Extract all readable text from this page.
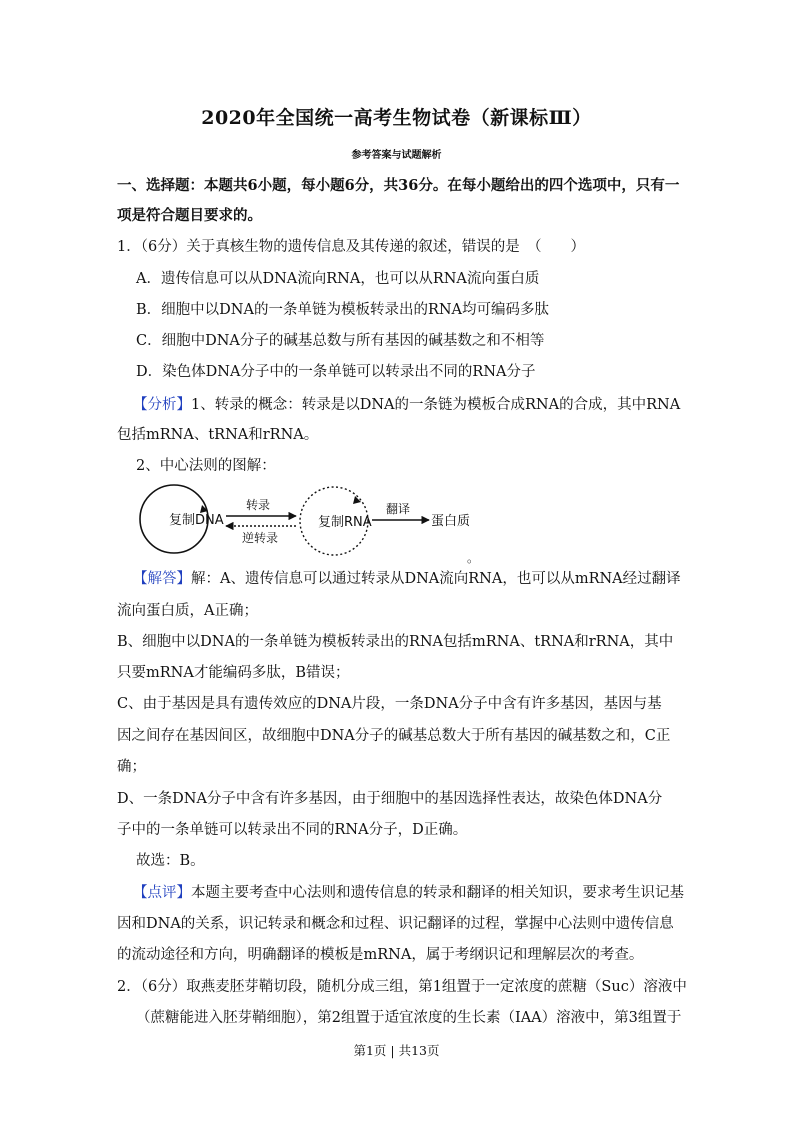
2020年全国统一高考生物试卷（新课标Ⅲ）
参考答案与试题解析
一、选择题：本题共6小题，每小题6分，共36分。在每小题给出的四个选项中，只有一
项是符合题目要求的。
1．（6分）关于真核生物的遗传信息及其传递的叙述，错误的是　（　　）
A．遗传信息可以从DNA流向RNA，也可以从RNA流向蛋白质
B．细胞中以DNA的一条单链为模板转录出的RNA均可编码多肽
C．细胞中DNA分子的碱基总数与所有基因的碱基数之和不相等
D．染色体DNA分子中的一条单链可以转录出不同的RNA分子
【分析】1、转录的概念：转录是以DNA的一条链为模板合成RNA的合成，其中RNA
包括mRNA、tRNA和rRNA。
2、中心法则的图解：
复制DNA
转录
逆转录
复制RNA
翻译
蛋白质
。
【解答】解：A、遗传信息可以通过转录从DNA流向RNA，也可以从mRNA经过翻译
流向蛋白质，A正确；
B、细胞中以DNA的一条单链为模板转录出的RNA包括mRNA、tRNA和rRNA，其中
只要mRNA才能编码多肽，B错误；
C、由于基因是具有遗传效应的DNA片段，一条DNA分子中含有许多基因，基因与基
因之间存在基因间区，故细胞中DNA分子的碱基总数大于所有基因的碱基数之和，C正
确；
D、一条DNA分子中含有许多基因，由于细胞中的基因选择性表达，故染色体DNA分
子中的一条单链可以转录出不同的RNA分子，D正确。
故选：B。
【点评】本题主要考查中心法则和遗传信息的转录和翻译的相关知识，要求考生识记基
因和DNA的关系，识记转录和概念和过程、识记翻译的过程，掌握中心法则中遗传信息
的流动途径和方向，明确翻译的模板是mRNA，属于考纲识记和理解层次的考查。
2．（6分）取燕麦胚芽鞘切段，随机分成三组，第1组置于一定浓度的蔗糖（Suc）溶液中
（蔗糖能进入胚芽鞘细胞），第2组置于适宜浓度的生长素（IAA）溶液中，第3组置于
第1页 | 共13页
